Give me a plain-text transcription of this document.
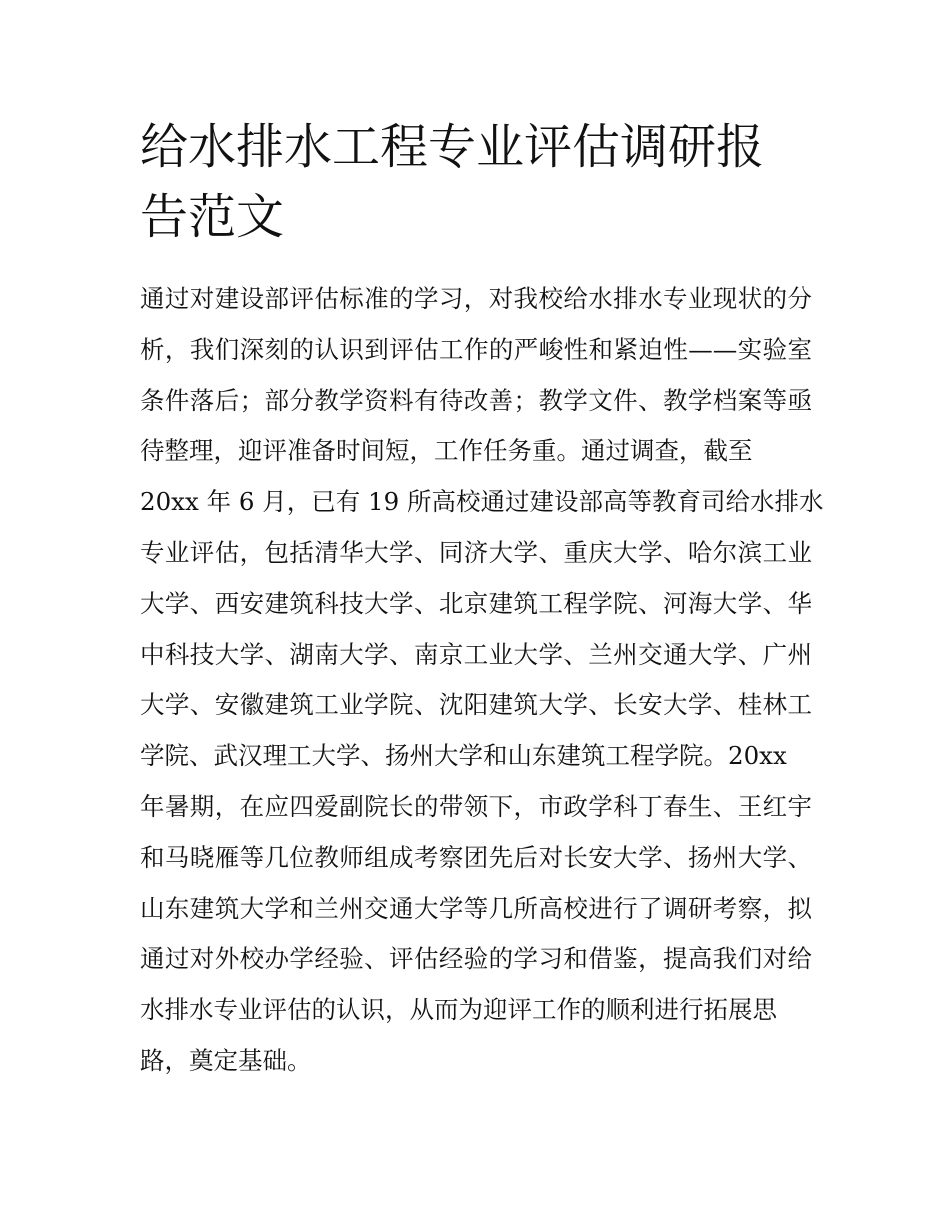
给水排水工程专业评估调研报
告范文
通过对建设部评估标准的学习，对我校给水排水专业现状的分
析，我们深刻的认识到评估工作的严峻性和紧迫性——实验室
条件落后；部分教学资料有待改善；教学文件、教学档案等亟
待整理，迎评准备时间短，工作任务重。通过调查，截至
20xx 年 6 月，已有 19 所高校通过建设部高等教育司给水排水
专业评估，包括清华大学、同济大学、重庆大学、哈尔滨工业
大学、西安建筑科技大学、北京建筑工程学院、河海大学、华
中科技大学、湖南大学、南京工业大学、兰州交通大学、广州
大学、安徽建筑工业学院、沈阳建筑大学、长安大学、桂林工
学院、武汉理工大学、扬州大学和山东建筑工程学院。20xx
年暑期，在应四爱副院长的带领下，市政学科丁春生、王红宇
和马晓雁等几位教师组成考察团先后对长安大学、扬州大学、
山东建筑大学和兰州交通大学等几所高校进行了调研考察，拟
通过对外校办学经验、评估经验的学习和借鉴，提高我们对给
水排水专业评估的认识，从而为迎评工作的顺利进行拓展思
路，奠定基础。
